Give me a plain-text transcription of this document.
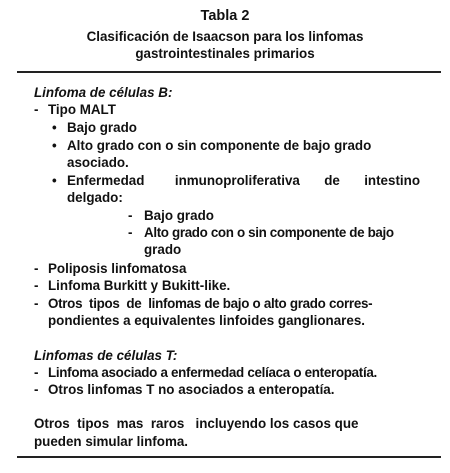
Tabla 2
Clasificación de Isaacson para los linfomas
gastrointestinales primarios
Linfoma de células B:
- Tipo MALT
• Bajo grado
• Alto grado con o sin componente de bajo grado
asociado.
• Enfermedad     inmunoproliferativa    de    intestino
delgado:
- Bajo grado
- Alto grado con o sin componente de bajo
grado
- Poliposis linfomatosa
- Linfoma Burkitt y Bukitt-like.
- Otros  tipos  de  linfomas de bajo o alto grado corres-
pondientes a equivalentes linfoides ganglionares.
Linfomas de células T:
- Linfoma asociado a enfermedad celíaca o enteropatía.
- Otros linfomas T no asociados a enteropatía.
Otros  tipos  mas  raros   incluyendo los casos que
pueden simular linfoma.
